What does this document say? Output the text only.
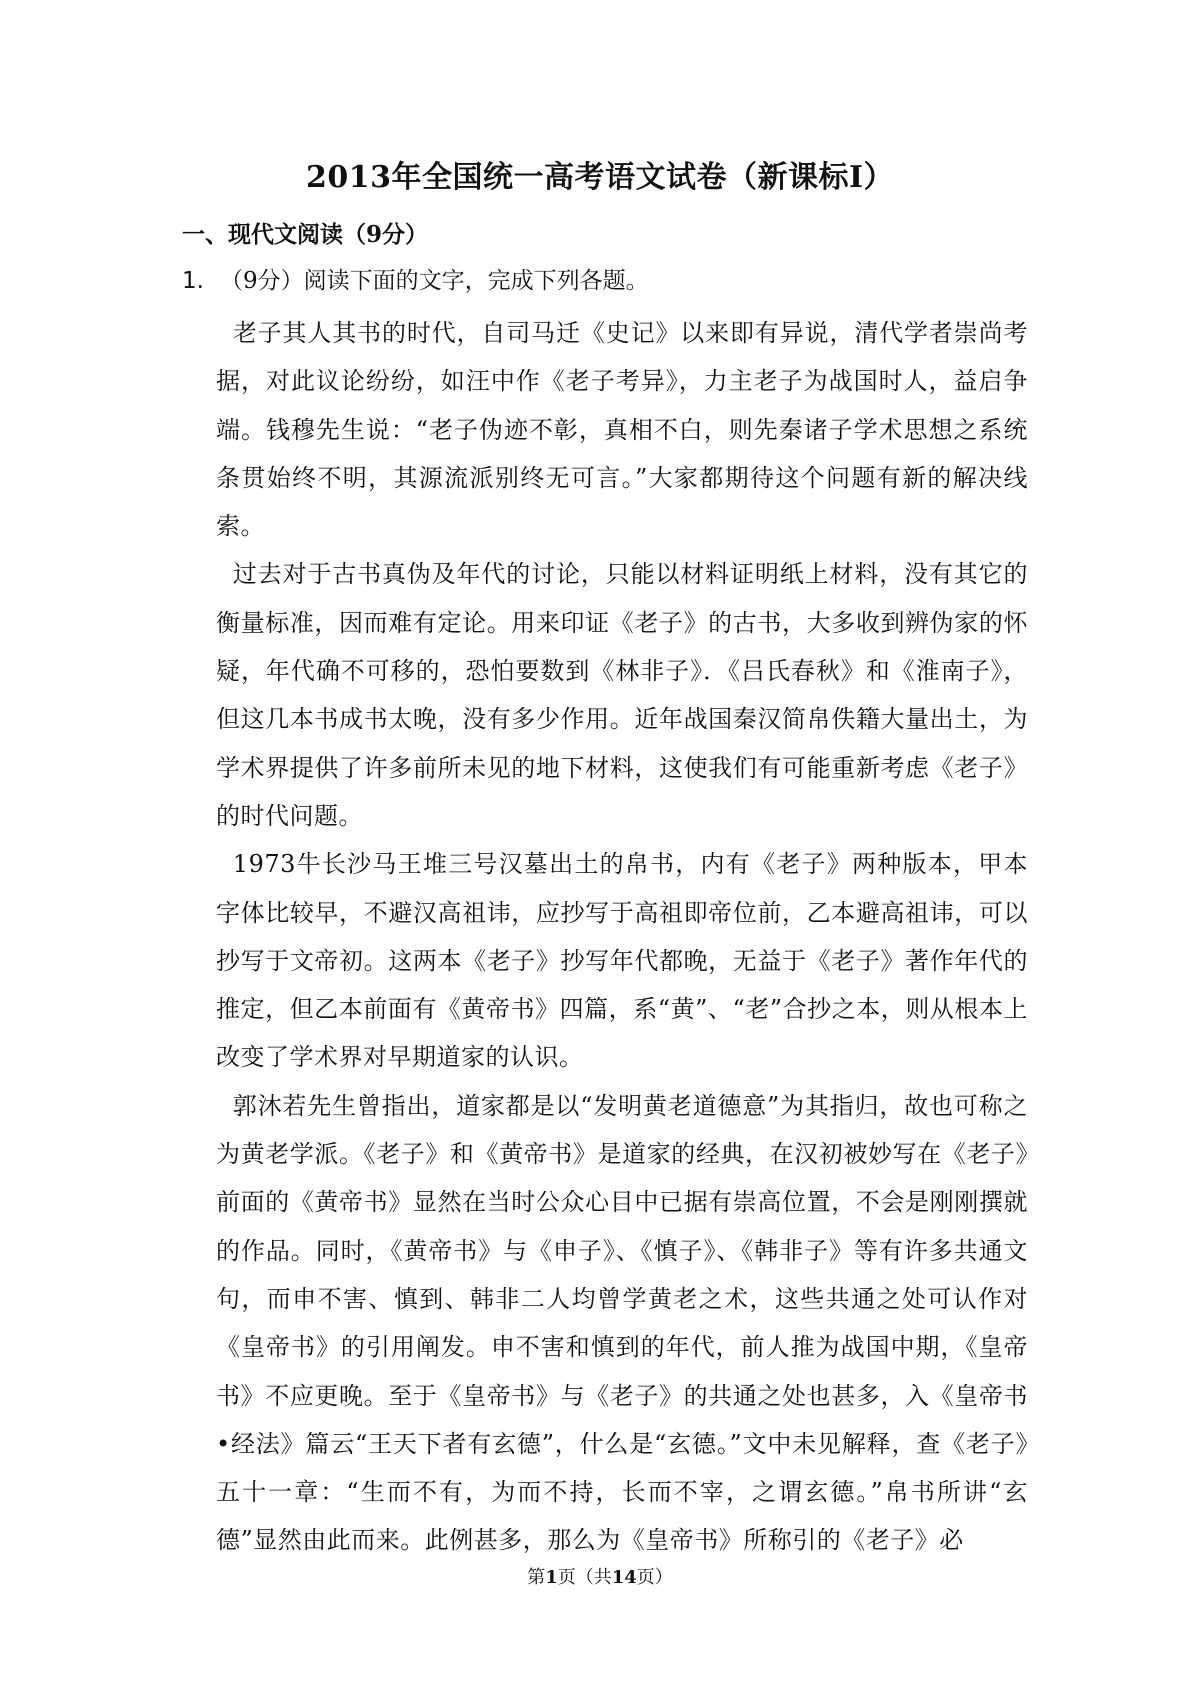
2013年全国统一高考语文试卷（新课标Ⅰ）
一、现代文阅读（9分）
1. （9分）阅读下面的文字，完成下列各题。

老子其人其书的时代，自司马迁《史记》以来即有异说，清代学者崇尚考据，对此议论纷纷，如汪中作《老子考异》，力主老子为战国时人，益启争端。钱穆先生说：“老子伪迹不彰，真相不白，则先秦诸子学术思想之系统条贯始终不明，其源流派别终无可言。”大家都期待这个问题有新的解决线索。

过去对于古书真伪及年代的讨论，只能以材料证明纸上材料，没有其它的衡量标准，因而难有定论。用来印证《老子》的古书，大多收到辨伪家的怀疑，年代确不可移的，恐怕要数到《林非子》．《吕氏春秋》和《淮南子》，但这几本书成书太晚，没有多少作用。近年战国秦汉简帛佚籍大量出土，为学术界提供了许多前所未见的地下材料，这使我们有可能重新考虑《老子》的时代问题。

1973牛长沙马王堆三号汉墓出土的帛书，内有《老子》两种版本，甲本字体比较早，不避汉高祖讳，应抄写于高祖即帝位前，乙本避高祖讳，可以抄写于文帝初。这两本《老子》抄写年代都晚，无益于《老子》著作年代的推定，但乙本前面有《黄帝书》四篇，系“黄”、“老”合抄之本，则从根本上改变了学术界对早期道家的认识。

郭沐若先生曾指出，道家都是以“发明黄老道德意”为其指归，故也可称之为黄老学派。《老子》和《黄帝书》是道家的经典，在汉初被妙写在《老子》前面的《黄帝书》显然在当时公众心目中已据有崇高位置，不会是刚刚撰就的作品。同时，《黄帝书》与《申子》、《慎子》、《韩非子》等有许多共通文句，而申不害、慎到、韩非二人均曾学黄老之术，这些共通之处可认作对《皇帝书》的引用阐发。申不害和慎到的年代，前人推为战国中期，《皇帝书》不应更晚。至于《皇帝书》与《老子》的共通之处也甚多，入《皇帝书•经法》篇云“王天下者有玄德”，什么是“玄德。”文中未见解释，查《老子》五十一章：“生而不有，为而不持，长而不宰，之谓玄德。”帛书所讲“玄德”显然由此而来。此例甚多，那么为《皇帝书》所称引的《老子》必

第1页（共14页）
